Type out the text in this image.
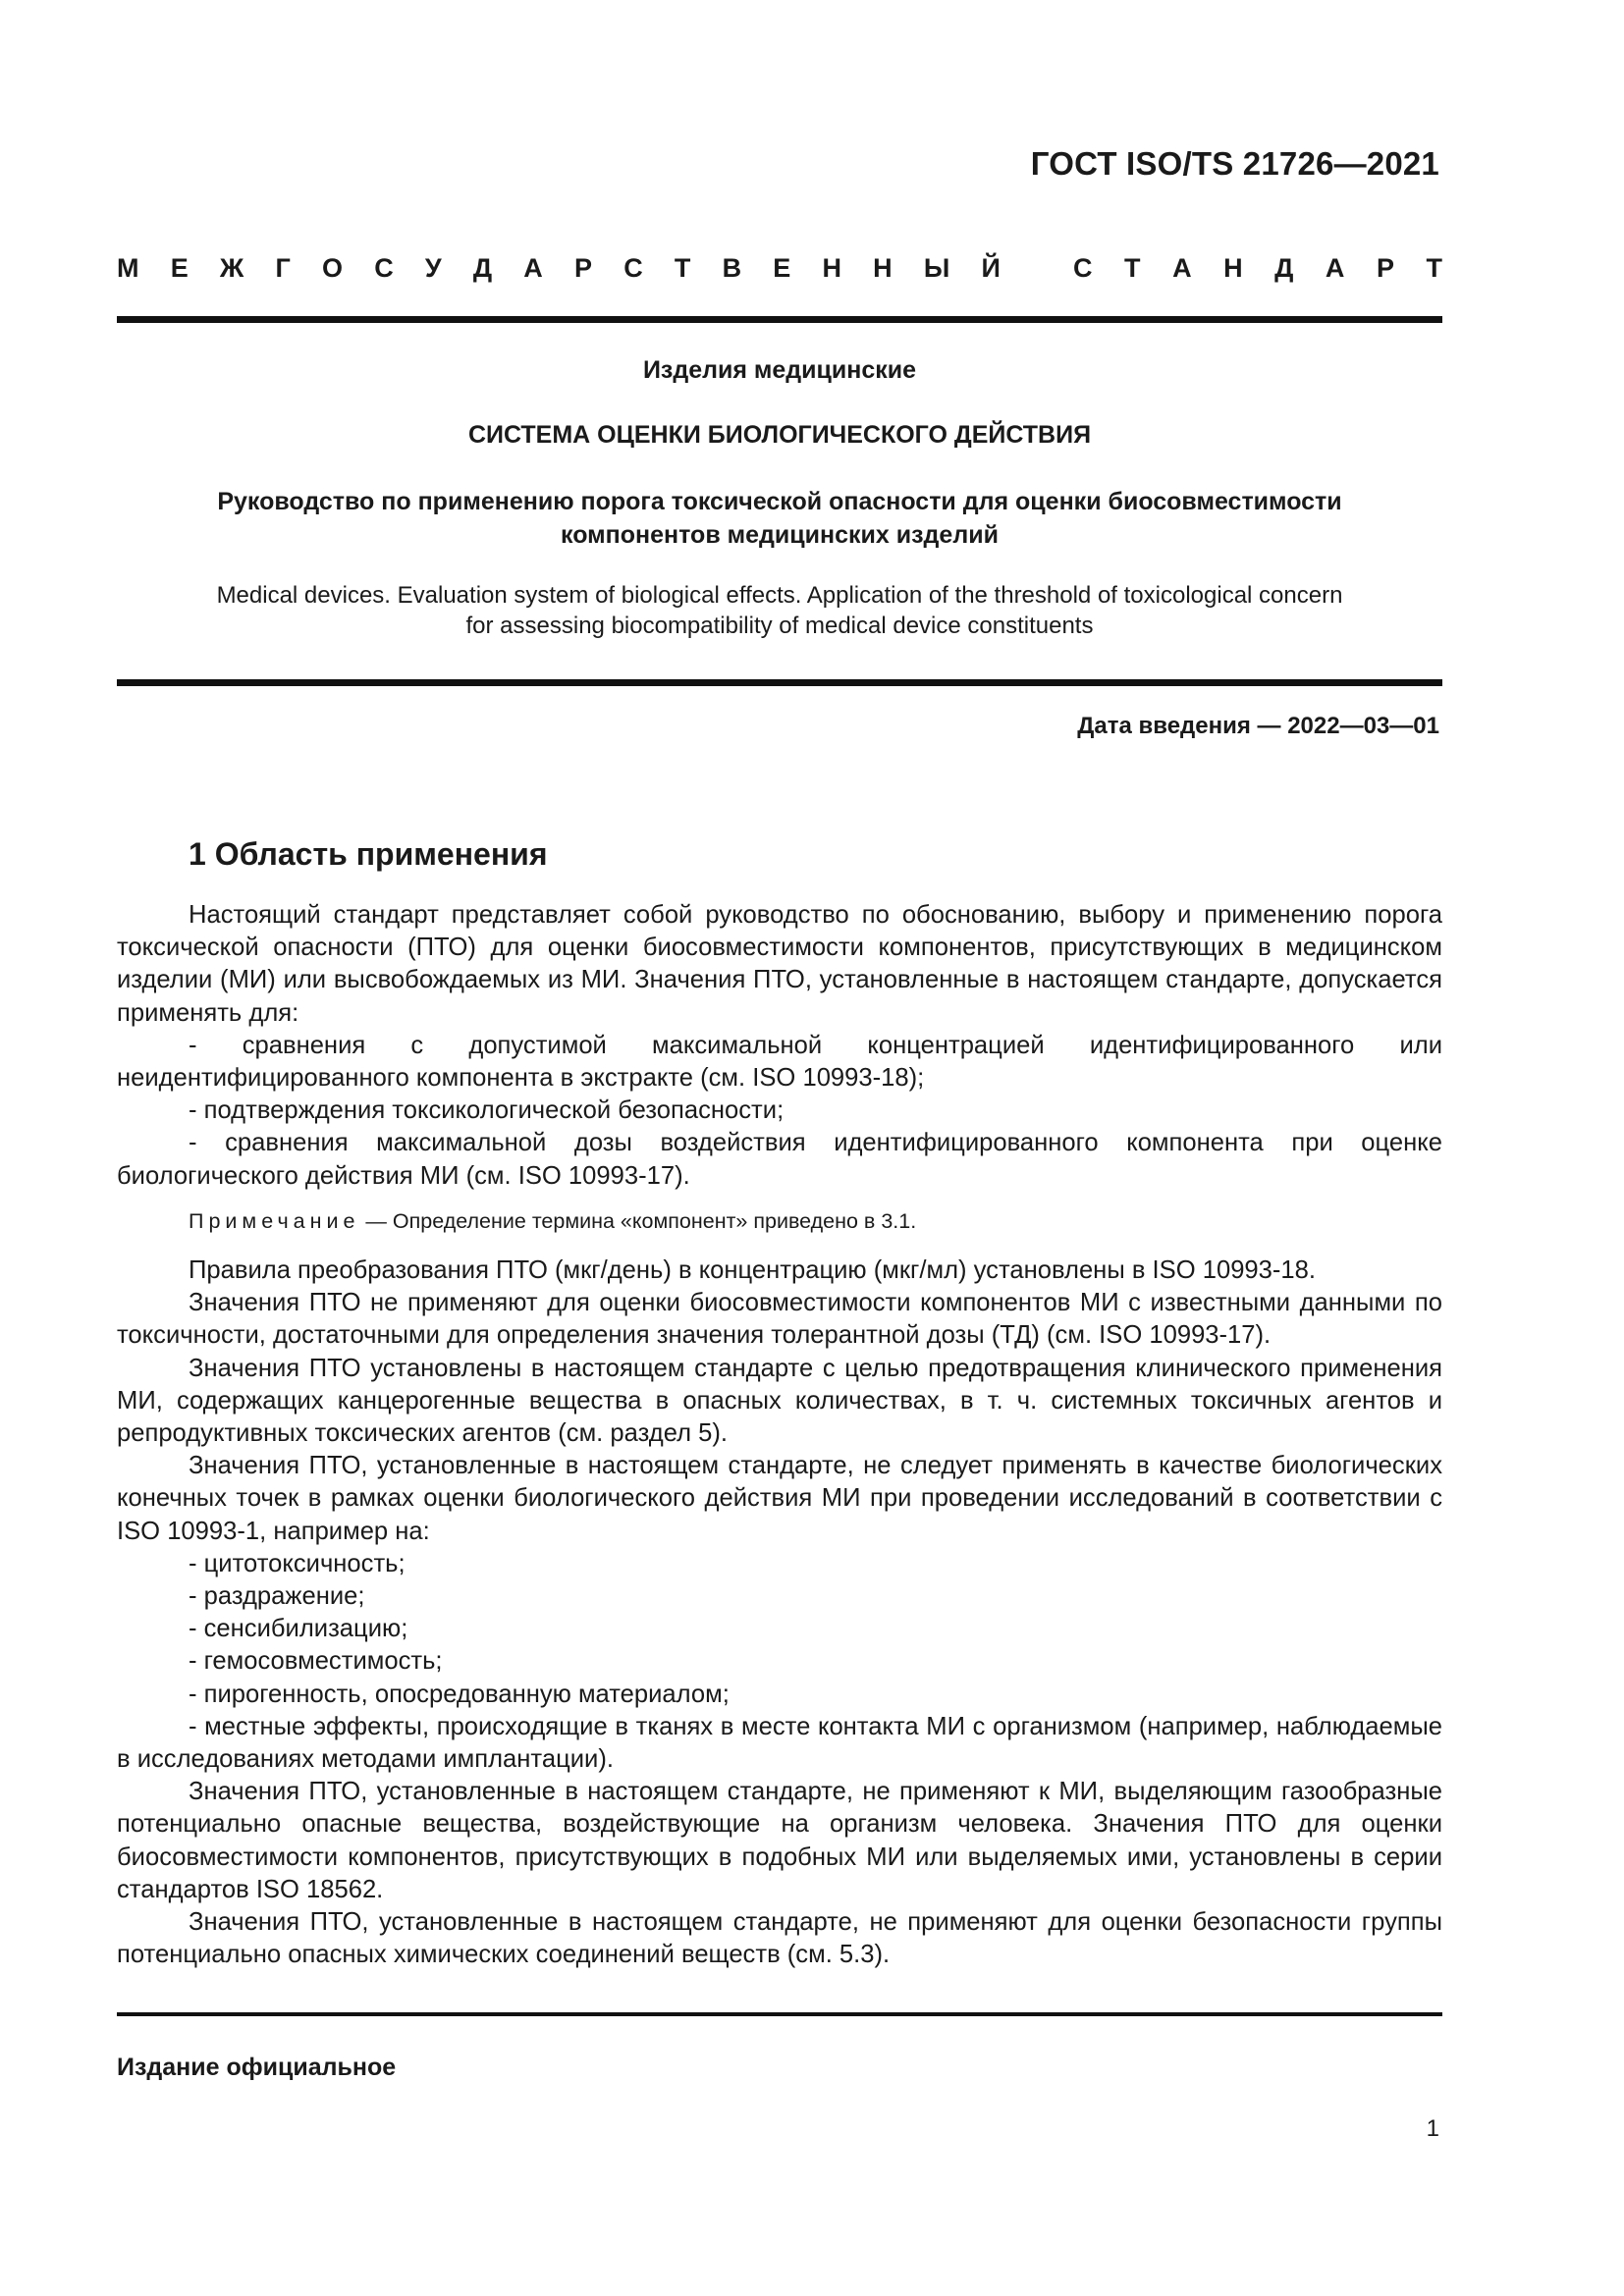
ГОСТ ISO/TS 21726—2021
М Е Ж Г О С У Д А Р С Т В Е Н Н Ы Й	С Т А Н Д А Р Т
Изделия медицинские
СИСТЕМА ОЦЕНКИ БИОЛОГИЧЕСКОГО ДЕЙСТВИЯ
Руководство по применению порога токсической опасности для оценки биосовместимости
компонентов медицинских изделий
Medical devices. Evaluation system of biological effects. Application of the threshold of toxicological concern
for assessing biocompatibility of medical device constituents
Дата введения — 2022—03—01
1 Область применения

Настоящий стандарт представляет собой руководство по обоснованию, выбору и применению порога токсической опасности (ПТО) для оценки биосовместимости компонентов, присутствующих в медицинском изделии (МИ) или высвобождаемых из МИ. Значения ПТО, установленные в настоящем стандарте, допускается применять для:

- сравнения с допустимой максимальной концентрацией идентифицированного или неидентифицированного компонента в экстракте (см. ISO 10993-18);

- подтверждения токсикологической безопасности;

- сравнения максимальной дозы воздействия идентифицированного компонента при оценке биологического действия МИ (см. ISO 10993-17).

Примечание — Определение термина «компонент» приведено в 3.1.

Правила преобразования ПТО (мкг/день) в концентрацию (мкг/мл) установлены в ISO 10993-18.

Значения ПТО не применяют для оценки биосовместимости компонентов МИ с известными данными по токсичности, достаточными для определения значения толерантной дозы (ТД) (см. ISO 10993-17).

Значения ПТО установлены в настоящем стандарте с целью предотвращения клинического применения МИ, содержащих канцерогенные вещества в опасных количествах, в т. ч. системных токсичных агентов и репродуктивных токсических агентов (см. раздел 5).

Значения ПТО, установленные в настоящем стандарте, не следует применять в качестве биологических конечных точек в рамках оценки биологического действия МИ при проведении исследований в соответствии с ISO 10993-1, например на:

- цитотоксичность;

- раздражение;

- сенсибилизацию;

- гемосовместимость;

- пирогенность, опосредованную материалом;

- местные эффекты, происходящие в тканях в месте контакта МИ с организмом (например, наблюдаемые в исследованиях методами имплантации).

Значения ПТО, установленные в настоящем стандарте, не применяют к МИ, выделяющим газообразные потенциально опасные вещества, воздействующие на организм человека. Значения ПТО для оценки биосовместимости компонентов, присутствующих в подобных МИ или выделяемых ими, установлены в серии стандартов ISO 18562.

Значения ПТО, установленные в настоящем стандарте, не применяют для оценки безопасности группы потенциально опасных химических соединений веществ (см. 5.3).

Издание официальное
1
